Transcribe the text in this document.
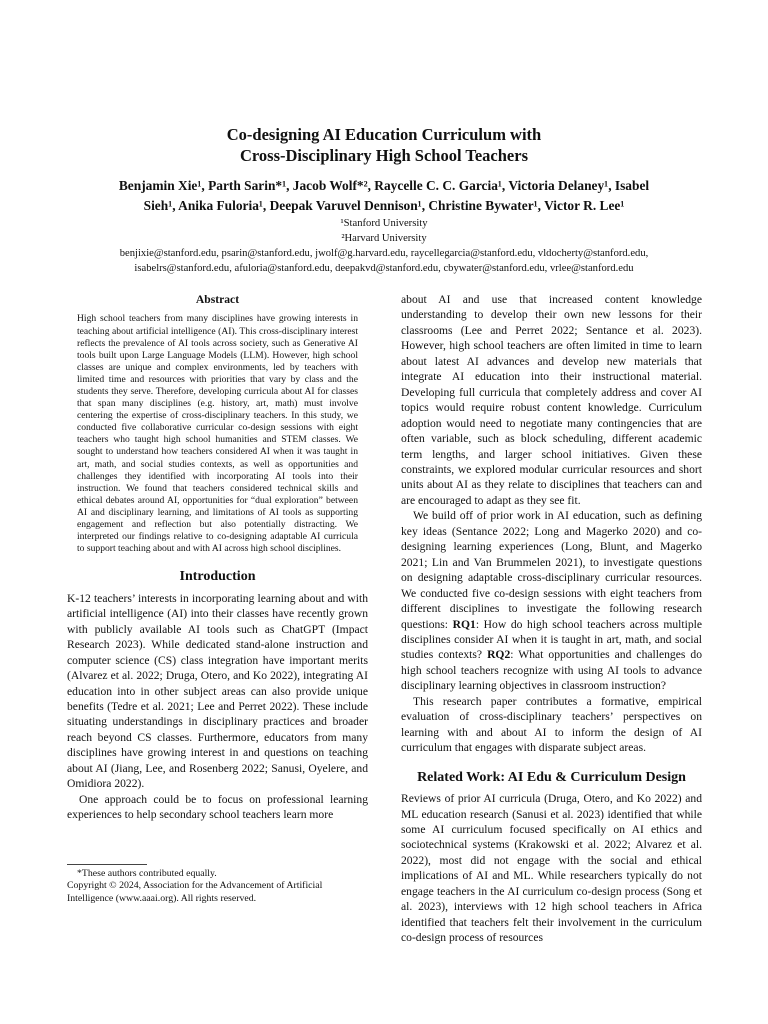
Co-designing AI Education Curriculum with
Cross-Disciplinary High School Teachers
Benjamin Xie¹, Parth Sarin*¹, Jacob Wolf*², Raycelle C. C. Garcia¹, Victoria Delaney¹, Isabel
Sieh¹, Anika Fuloria¹, Deepak Varuvel Dennison¹, Christine Bywater¹, Victor R. Lee¹
¹Stanford University
²Harvard University
benjixie@stanford.edu, psarin@stanford.edu, jwolf@g.harvard.edu, raycellegarcia@stanford.edu, vldocherty@stanford.edu,
isabelrs@stanford.edu, afuloria@stanford.edu, deepakvd@stanford.edu, cbywater@stanford.edu, vrlee@stanford.edu
Abstract

High school teachers from many disciplines have growing interests in teaching about artificial intelligence (AI). This cross-disciplinary interest reflects the prevalence of AI tools across society, such as Generative AI tools built upon Large Language Models (LLM). However, high school classes are unique and complex environments, led by teachers with limited time and resources with priorities that vary by class and the students they serve. Therefore, developing curricula about AI for classes that span many disciplines (e.g. history, art, math) must involve centering the expertise of cross-disciplinary teachers. In this study, we conducted five collaborative curricular co-design sessions with eight teachers who taught high school humanities and STEM classes. We sought to understand how teachers considered AI when it was taught in art, math, and social studies contexts, as well as opportunities and challenges they identified with incorporating AI tools into their instruction. We found that teachers considered technical skills and ethical debates around AI, opportunities for “dual exploration” between AI and disciplinary learning, and limitations of AI tools as supporting engagement and reflection but also potentially distracting. We interpreted our findings relative to co-designing adaptable AI curricula to support teaching about and with AI across high school disciplines.

Introduction

K-12 teachers’ interests in incorporating learning about and with artificial intelligence (AI) into their classes have recently grown with publicly available AI tools such as ChatGPT (Impact Research 2023). While dedicated stand-alone instruction and computer science (CS) class integration have important merits (Alvarez et al. 2022; Druga, Otero, and Ko 2022), integrating AI education into in other subject areas can also provide unique benefits (Tedre et al. 2021; Lee and Perret 2022). These include situating understandings in disciplinary practices and broader reach beyond CS classes. Furthermore, educators from many disciplines have growing interest in and questions on teaching about AI (Jiang, Lee, and Rosenberg 2022; Sanusi, Oyelere, and Omidiora 2022).

One approach could be to focus on professional learning experiences to help secondary school teachers learn more

*These authors contributed equally.
Copyright © 2024, Association for the Advancement of Artificial Intelligence (www.aaai.org). All rights reserved.

about AI and use that increased content knowledge understanding to develop their own new lessons for their classrooms (Lee and Perret 2022; Sentance et al. 2023). However, high school teachers are often limited in time to learn about latest AI advances and develop new materials that integrate AI education into their instructional material. Developing full curricula that completely address and cover AI topics would require robust content knowledge. Curriculum adoption would need to negotiate many contingencies that are often variable, such as block scheduling, different academic term lengths, and larger school initiatives. Given these constraints, we explored modular curricular resources and short units about AI as they relate to disciplines that teachers can and are encouraged to adapt as they see fit.

We build off of prior work in AI education, such as defining key ideas (Sentance 2022; Long and Magerko 2020) and co-designing learning experiences (Long, Blunt, and Magerko 2021; Lin and Van Brummelen 2021), to investigate questions on designing adaptable cross-disciplinary curricular resources. We conducted five co-design sessions with eight teachers from different disciplines to investigate the following research questions: RQ1: How do high school teachers across multiple disciplines consider AI when it is taught in art, math, and social studies contexts? RQ2: What opportunities and challenges do high school teachers recognize with using AI tools to advance disciplinary learning objectives in classroom instruction?

This research paper contributes a formative, empirical evaluation of cross-disciplinary teachers’ perspectives on learning with and about AI to inform the design of AI curriculum that engages with disparate subject areas.

Related Work: AI Edu & Curriculum Design

Reviews of prior AI curricula (Druga, Otero, and Ko 2022) and ML education research (Sanusi et al. 2023) identified that while some AI curriculum focused specifically on AI ethics and sociotechnical systems (Krakowski et al. 2022; Alvarez et al. 2022), most did not engage with the social and ethical implications of AI and ML. While researchers typically do not engage teachers in the AI curriculum co-design process (Song et al. 2023), interviews with 12 high school teachers in Africa identified that teachers felt their involvement in the curriculum co-design process of resources
